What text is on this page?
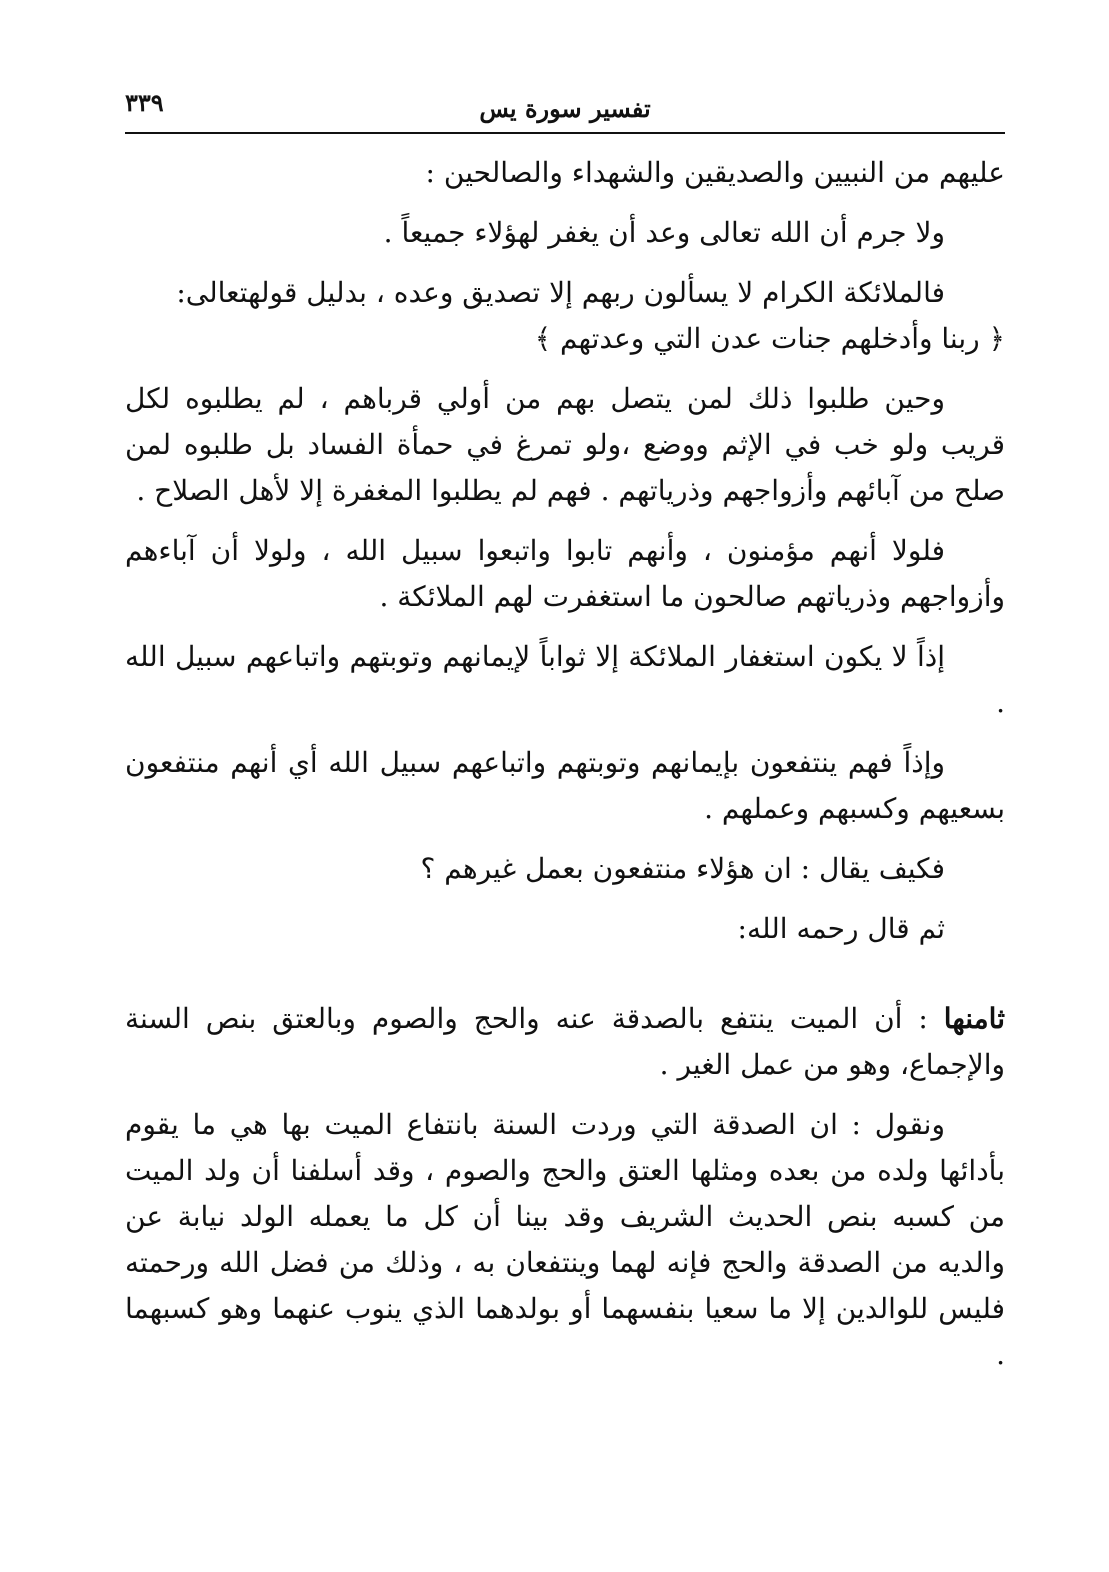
٣٣٩	تفسير سورة يس

عليهم من النبيين والصديقين والشهداء والصالحين :

ولا جرم أن الله تعالى وعد أن يغفر لهؤلاء جميعاً .

فالملائكة الكرام لا يسألون ربهم إلا تصديق وعده ، بدليل قولهتعالى:
﴿ ربنا وأدخلهم جنات عدن التي وعدتهم ﴾

وحين طلبوا ذلك لمن يتصل بهم من أولي قرباهم ، لم يطلبوه لكل قريب ولو خب في الإثم ووضع ،ولو تمرغ في حمأة الفساد بل طلبوه لمن صلح من آبائهم وأزواجهم وذرياتهم . فهم لم يطلبوا المغفرة إلا لأهل الصلاح .

فلولا أنهم مؤمنون ، وأنهم تابوا واتبعوا سبيل الله ، ولولا أن آباءهم وأزواجهم وذرياتهم صالحون ما استغفرت لهم الملائكة .

إذاً لا يكون استغفار الملائكة إلا ثواباً لإيمانهم وتوبتهم واتباعهم سبيل الله .

وإذاً فهم ينتفعون بإيمانهم وتوبتهم واتباعهم سبيل الله أي أنهم منتفعون بسعيهم وكسبهم وعملهم .

فكيف يقال : ان هؤلاء منتفعون بعمل غيرهم ؟

ثم قال رحمه الله:

ثامنها : أن الميت ينتفع بالصدقة عنه والحج والصوم وبالعتق بنص السنة والإجماع، وهو من عمل الغير .

ونقول : ان الصدقة التي وردت السنة بانتفاع الميت بها هي ما يقوم بأدائها ولده من بعده ومثلها العتق والحج والصوم ، وقد أسلفنا أن ولد الميت من كسبه بنص الحديث الشريف وقد بينا أن كل ما يعمله الولد نيابة عن والديه من الصدقة والحج فإنه لهما وينتفعان به ، وذلك من فضل الله ورحمته فليس للوالدين إلا ما سعيا بنفسهما أو بولدهما الذي ينوب عنهما وهو كسبهما .
